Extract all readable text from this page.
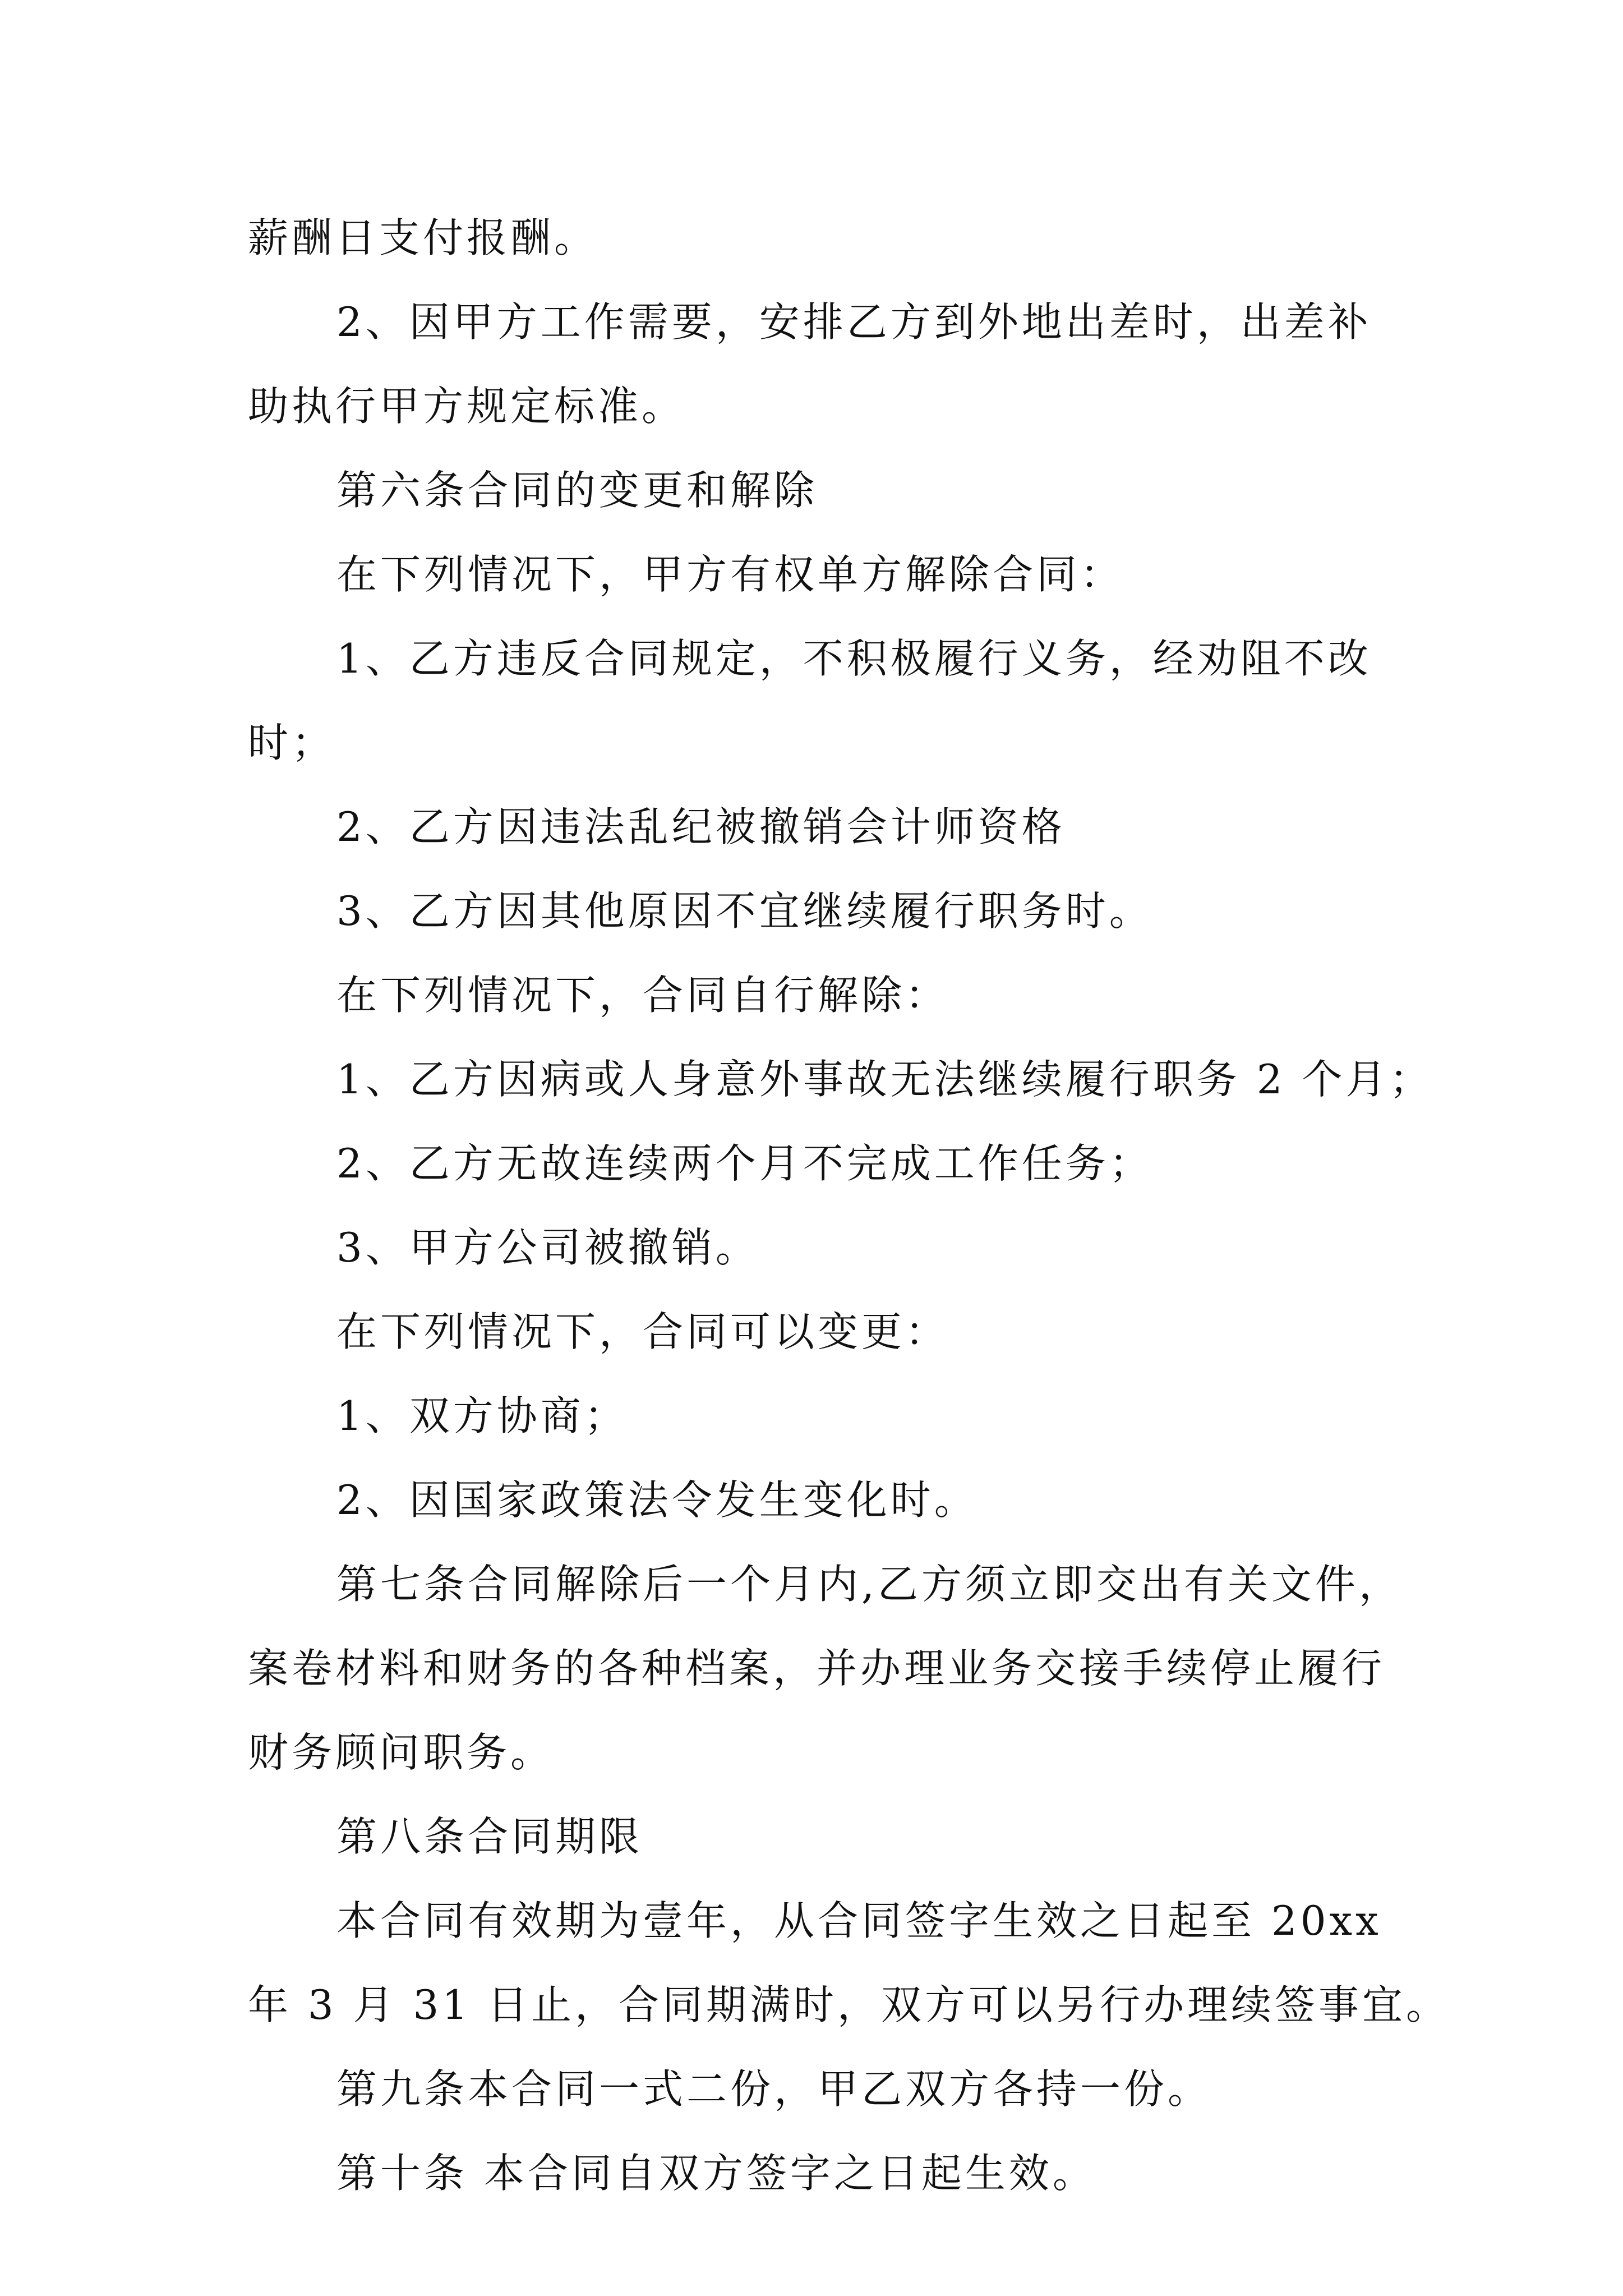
薪酬日支付报酬。
2、因甲方工作需要，安排乙方到外地出差时，出差补
助执行甲方规定标准。
第六条合同的变更和解除
在下列情况下，甲方有权单方解除合同：
1、乙方违反合同规定，不积极履行义务，经劝阻不改
时；
2、乙方因违法乱纪被撤销会计师资格
3、乙方因其他原因不宜继续履行职务时。
在下列情况下，合同自行解除：
1、乙方因病或人身意外事故无法继续履行职务 2 个月；
2、乙方无故连续两个月不完成工作任务；
3、甲方公司被撤销。
在下列情况下，合同可以变更：
1、双方协商；
2、因国家政策法令发生变化时。
第七条合同解除后一个月内,乙方须立即交出有关文件，
案卷材料和财务的各种档案，并办理业务交接手续停止履行
财务顾问职务。
第八条合同期限
本合同有效期为壹年，从合同签字生效之日起至 20xx
年 3 月 31 日止，合同期满时，双方可以另行办理续签事宜。
第九条本合同一式二份，甲乙双方各持一份。
第十条 本合同自双方签字之日起生效。
